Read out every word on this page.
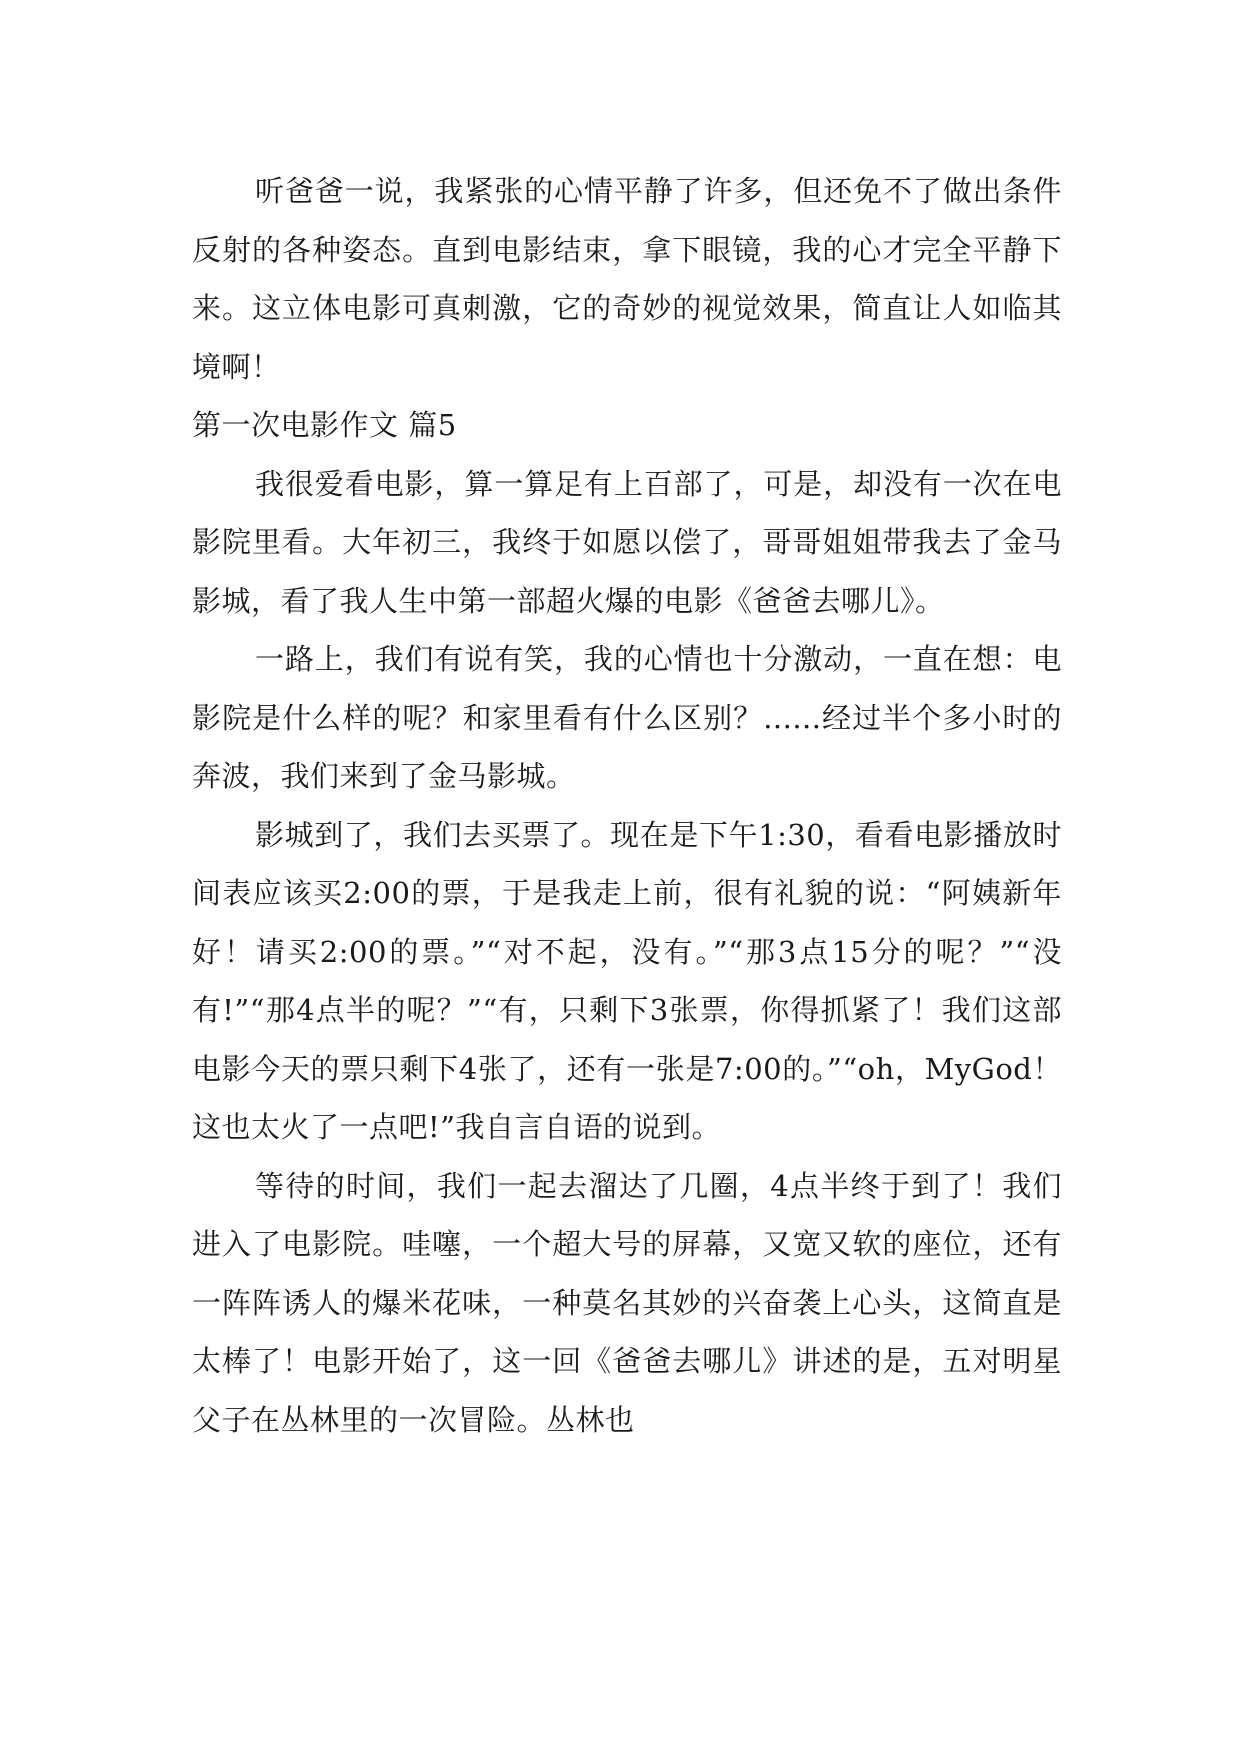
听爸爸一说，我紧张的心情平静了许多，但还免不了做出条件反射的各种姿态。直到电影结束，拿下眼镜，我的心才完全平静下来。这立体电影可真刺激，它的奇妙的视觉效果，简直让人如临其境啊！

第一次电影作文 篇5

我很爱看电影，算一算足有上百部了，可是，却没有一次在电影院里看。大年初三，我终于如愿以偿了，哥哥姐姐带我去了金马影城，看了我人生中第一部超火爆的电影《爸爸去哪儿》。

一路上，我们有说有笑，我的心情也十分激动，一直在想：电影院是什么样的呢？和家里看有什么区别？......经过半个多小时的奔波，我们来到了金马影城。

影城到了，我们去买票了。现在是下午1:30，看看电影播放时间表应该买2:00的票，于是我走上前，很有礼貌的说：“阿姨新年好！请买2:00的票。”“对不起，没有。”“那3点15分的呢？”“没有!”“那4点半的呢？”“有，只剩下3张票，你得抓紧了！我们这部电影今天的票只剩下4张了，还有一张是7:00的。”“oh，MyGod！这也太火了一点吧!”我自言自语的说到。

等待的时间，我们一起去溜达了几圈，4点半终于到了！我们进入了电影院。哇噻，一个超大号的屏幕，又宽又软的座位，还有一阵阵诱人的爆米花味，一种莫名其妙的兴奋袭上心头，这简直是太棒了！电影开始了，这一回《爸爸去哪儿》讲述的是，五对明星父子在丛林里的一次冒险。丛林也
